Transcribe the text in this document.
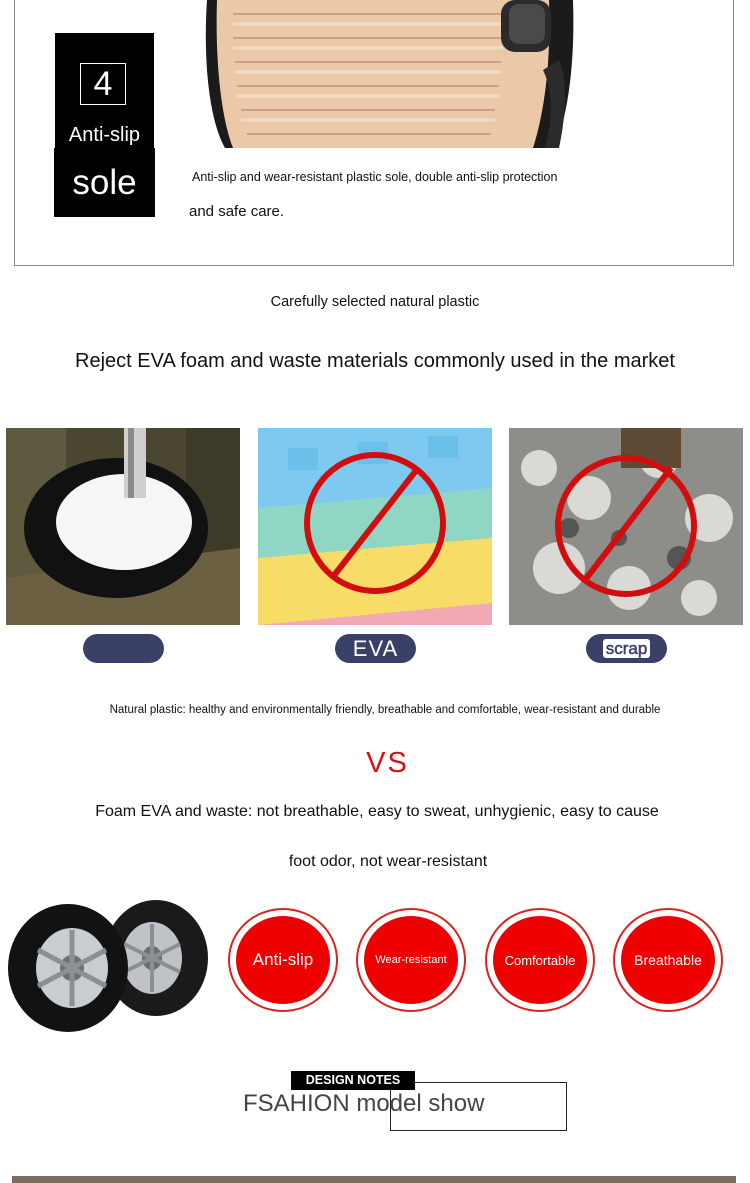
4
Anti-slip
sole	Anti-slip and wear-resistant plastic sole, double anti-slip protection
and safe care.
Carefully selected natural plastic
Reject EVA foam and waste materials commonly used in the market
EVA	scrap
Natural plastic: healthy and environmentally friendly, breathable and comfortable, wear-resistant and durable
VS
Foam EVA and waste: not breathable, easy to sweat, unhygienic, easy to cause
foot odor, not wear-resistant
Anti-slip	Wear-resistant	Comfortable	Breathable
DESIGN NOTES
FSAHION model show
